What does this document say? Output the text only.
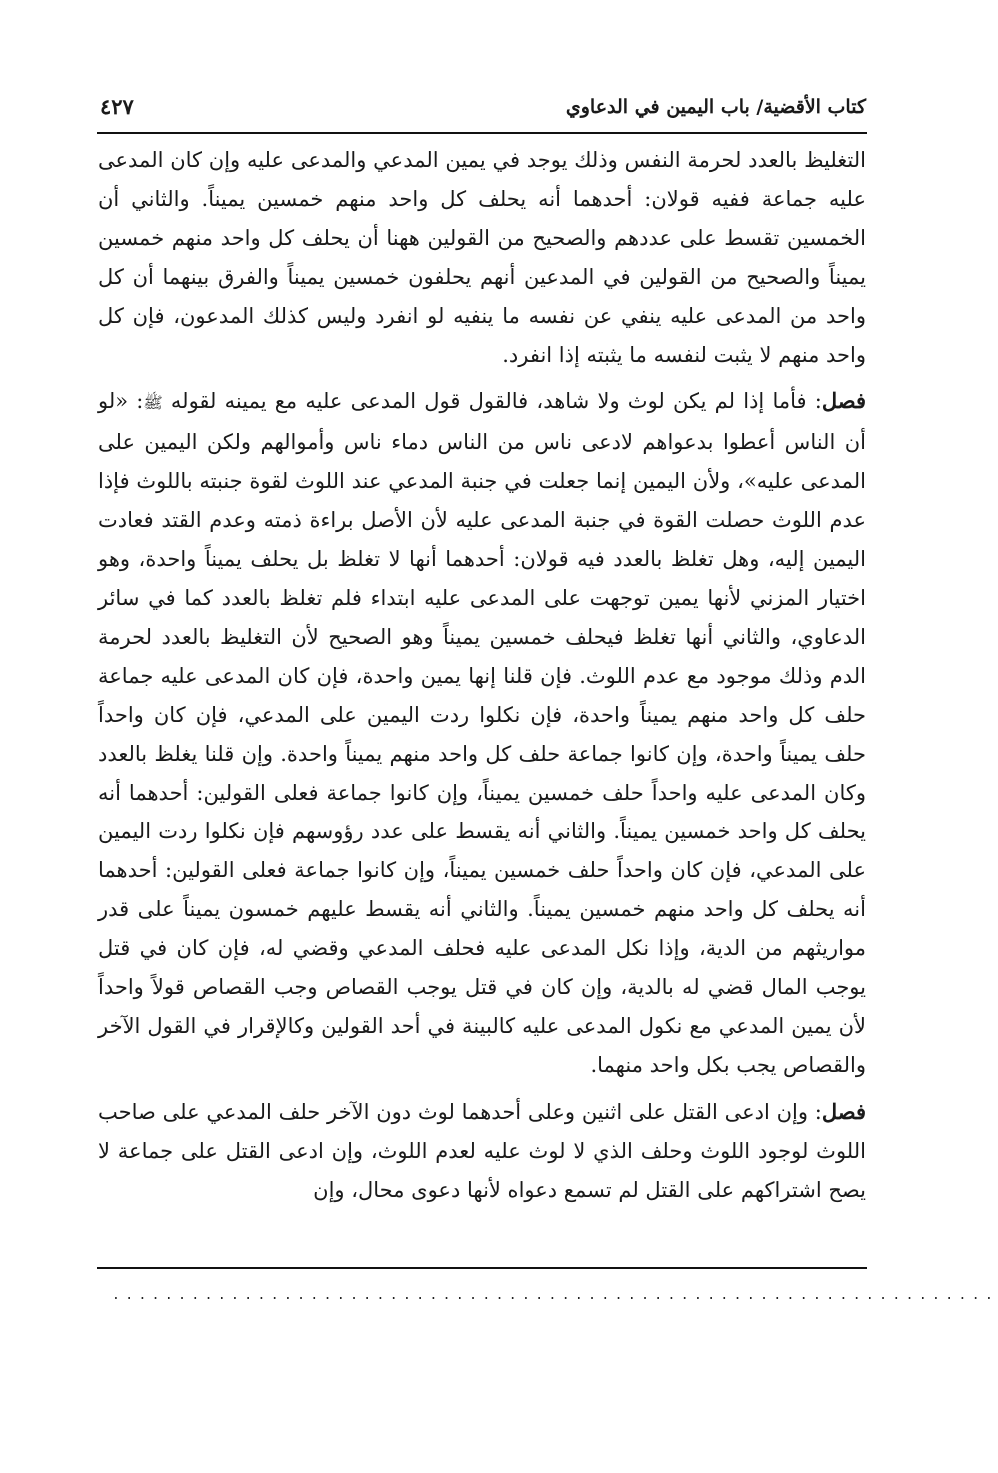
كتاب الأقضية/ باب اليمين في الدعاوي
٤٢٧

التغليظ بالعدد لحرمة النفس وذلك يوجد في يمين المدعي والمدعى عليه وإن كان المدعى عليه جماعة ففيه قولان: أحدهما أنه يحلف كل واحد منهم خمسين يميناً. والثاني أن الخمسين تقسط على عددهم والصحيح من القولين ههنا أن يحلف كل واحد منهم خمسين يميناً والصحيح من القولين في المدعين أنهم يحلفون خمسين يميناً والفرق بينهما أن كل واحد من المدعى عليه ينفي عن نفسه ما ينفيه لو انفرد وليس كذلك المدعون، فإن كل واحد منهم لا يثبت لنفسه ما يثبته إذا انفرد.

فصل: فأما إذا لم يكن لوث ولا شاهد، فالقول قول المدعى عليه مع يمينه لقوله ﷺ: «لو أن الناس أعطوا بدعواهم لادعى ناس من الناس دماء ناس وأموالهم ولكن اليمين على المدعى عليه»، ولأن اليمين إنما جعلت في جنبة المدعي عند اللوث لقوة جنبته باللوث فإذا عدم اللوث حصلت القوة في جنبة المدعى عليه لأن الأصل براءة ذمته وعدم القتد فعادت اليمين إليه، وهل تغلظ بالعدد فيه قولان: أحدهما أنها لا تغلظ بل يحلف يميناً واحدة، وهو اختيار المزني لأنها يمين توجهت على المدعى عليه ابتداء فلم تغلظ بالعدد كما في سائر الدعاوي، والثاني أنها تغلظ فيحلف خمسين يميناً وهو الصحيح لأن التغليظ بالعدد لحرمة الدم وذلك موجود مع عدم اللوث. فإن قلنا إنها يمين واحدة، فإن كان المدعى عليه جماعة حلف كل واحد منهم يميناً واحدة، فإن نكلوا ردت اليمين على المدعي، فإن كان واحداً حلف يميناً واحدة، وإن كانوا جماعة حلف كل واحد منهم يميناً واحدة. وإن قلنا يغلظ بالعدد وكان المدعى عليه واحداً حلف خمسين يميناً، وإن كانوا جماعة فعلى القولين: أحدهما أنه يحلف كل واحد خمسين يميناً. والثاني أنه يقسط على عدد رؤوسهم فإن نكلوا ردت اليمين على المدعي، فإن كان واحداً حلف خمسين يميناً، وإن كانوا جماعة فعلى القولين: أحدهما أنه يحلف كل واحد منهم خمسين يميناً. والثاني أنه يقسط عليهم خمسون يميناً على قدر مواريثهم من الدية، وإذا نكل المدعى عليه فحلف المدعي وقضي له، فإن كان في قتل يوجب المال قضي له بالدية، وإن كان في قتل يوجب القصاص وجب القصاص قولاً واحداً لأن يمين المدعي مع نكول المدعى عليه كالبينة في أحد القولين وكالإقرار في القول الآخر والقصاص يجب بكل واحد منهما.

فصل: وإن ادعى القتل على اثنين وعلى أحدهما لوث دون الآخر حلف المدعي على صاحب اللوث لوجود اللوث وحلف الذي لا لوث عليه لعدم اللوث، وإن ادعى القتل على جماعة لا يصح اشتراكهم على القتل لم تسمع دعواه لأنها دعوى محال، وإن

...................................................................
